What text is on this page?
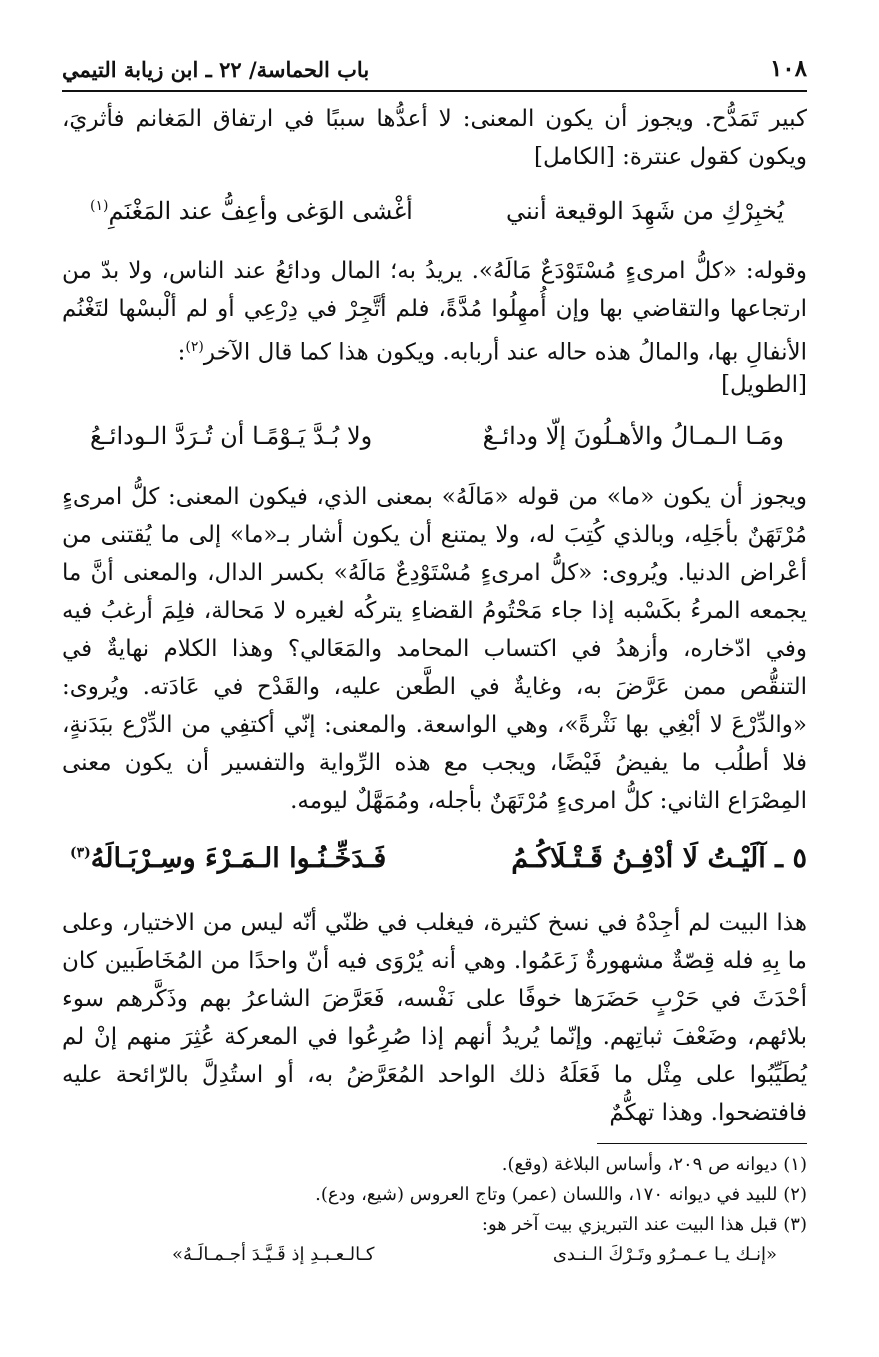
١٠٨
باب الحماسة/ ٢٢ ـ ابن زيابة التيمي

كبير تَمَدُّح. ويجوز أن يكون المعنى: لا أعدُّها سببًا في ارتفاق المَغانم فأثريَ، ويكون كقول عنترة: [الكامل]

يُخبِرْكِ من شَهِدَ الوقيعة أنني
أغْشى الوَغى وأعِفُّ عند المَغْنَمِ$^{(١)}$

وقوله: «كلُّ امرىءٍ مُسْتَوْدَعٌ مَالَهُ». يريدُ به؛ المال ودائعُ عند الناس، ولا بدّ من ارتجاعها والتقاضي بها وإن أُمهِلُوا مُدَّةً، فلم أتَّجِرْ في دِرْعِي أو لم ألْبسْها لتَغْنُم الأنفالِ بها، والمالُ هذه حاله عند أربابه. ويكون هذا كما قال الآخر$^{(٢)}$:

[الطويل]

ومَـا الـمـالُ والأهـلُونَ إلّا ودائـعٌ
ولا بُـدَّ يَـوْمًـا أن تُـرَدَّ الـودائـعُ

ويجوز أن يكون «ما» من قوله «مَالَهُ» بمعنى الذي، فيكون المعنى: كلُّ امرىءٍ مُرْتَهَنٌ بأجَلِه، وبالذي كُتِبَ له، ولا يمتنع أن يكون أشار بـ«ما» إلى ما يُقتنى من أعْراض الدنيا. ويُروى: «كلُّ امرىءٍ مُسْتَوْدِعٌ مَالَهُ» بكسر الدال، والمعنى أنَّ ما يجمعه المرءُ بكَسْبه إذا جاء مَحْتُومُ القضاءِ يتركُه لغيره لا مَحالة، فلِمَ أرغبُ فيه وفي ادّخاره، وأزهدُ في اكتساب المحامد والمَعَالي؟ وهذا الكلام نهايةٌ في التنقُّص ممن عَرَّضَ به، وغايةٌ في الطَّعن عليه، والقَدْح في عَادَته. ويُروى: «والدِّرْعَ لا أبْغِي بها نَثْرةً»، وهي الواسعة. والمعنى: إنّي أكتفِي من الدِّرْع ببَدَنةٍ، فلا أطلُب ما يفيضُ فَيْضًا، ويجب مع هذه الرِّواية والتفسير أن يكون معنى المِصْرَاع الثاني: كلُّ امرىءٍ مُرْتَهَنٌ بأجله، ومُمَهَّلٌ ليومه.

٥ ـ آلَيْـتُ لَا أدْفِـنُ قَـتْـلَاكُـمُ
فَـدَخِّـنُـوا الـمَـرْءَ وسِـرْبَـالَهُ$^{(٣)}$

هذا البيت لم أجِدْهُ في نسخ كثيرة، فيغلب في ظنّي أنّه ليس من الاختيار، وعلى ما بِهِ فله قِصّةٌ مشهورةٌ زَعَمُوا. وهي أنه يُرْوَى فيه أنّ واحدًا من المُخَاطَبين كان أحْدَثَ في حَرْبٍ حَضَرَها خوفًا على نَفْسه، فَعَرَّضَ الشاعرُ بهم وذَكَّرهم سوء بلائهم، وضَعْفَ ثباتِهم. وإنّما يُريدُ أنهم إذا صُرِعُوا في المعركة عُثِرَ منهم إنْ لم يُطَيِّبُوا على مِثْل ما فَعَلَهُ ذلك الواحد المُعَرَّضُ به، أو استُدِلَّ بالرّائحة عليه فافتضحوا. وهذا تهكُّمٌ

(١) ديوانه ص ٢٠٩، وأساس البلاغة (وقع).
(٢) للبيد في ديوانه ١٧٠، واللسان (عمر) وتاج العروس (شيع، ودع).
(٣) قبل هذا البيت عند التبريزي بيت آخر هو:
«إنـك يـا عـمـرُو وتَـرْكَ الـنـدى
كـالـعـبـدِ إذ قَـيَّـدَ أجـمـالَـهُ»
